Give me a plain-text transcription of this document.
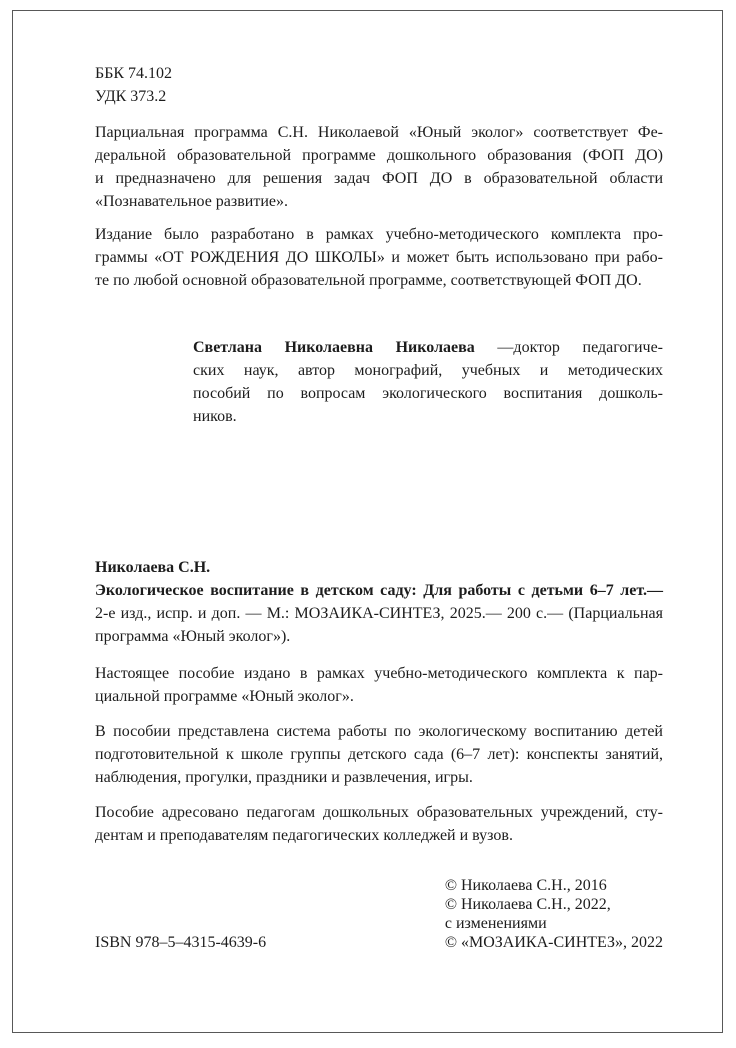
ББК 74.102
УДК 373.2
Парциальная программа С.Н. Николаевой «Юный эколог» соответствует Фе-
деральной образовательной программе дошкольного образования (ФОП ДО)
и предназначено для решения задач ФОП ДО в образовательной области
«Познавательное развитие».
Издание было разработано в рамках учебно-методического комплекта про-
граммы «ОТ РОЖДЕНИЯ ДО ШКОЛЫ» и может быть использовано при рабо-
те по любой основной образовательной программе, соответствующей ФОП ДО.
Светлана Николаевна Николаева —доктор педагогиче-
ских наук, автор монографий, учебных и методических
пособий по вопросам экологического воспитания дошколь-
ников.
Николаева С.Н.
Экологическое воспитание в детском саду: Для работы с детьми 6–7 лет.—
2-е изд., испр. и доп. — М.: МОЗАИКА-СИНТЕЗ, 2025.— 200 с.— (Парциальная
программа «Юный эколог»).
Настоящее пособие издано в рамках учебно-методического комплекта к пар-
циальной программе «Юный эколог».
В пособии представлена система работы по экологическому воспитанию детей
подготовительной к школе группы детского сада (6–7 лет): конспекты занятий,
наблюдения, прогулки, праздники и развлечения, игры.
Пособие адресовано педагогам дошкольных образовательных учреждений, сту-
дентам и преподавателям педагогических колледжей и вузов.
© Николаева С.Н., 2016
© Николаева С.Н., 2022,
с изменениями
© «МОЗАИКА-СИНТЕЗ», 2022
ISBN 978–5–4315-4639-6
